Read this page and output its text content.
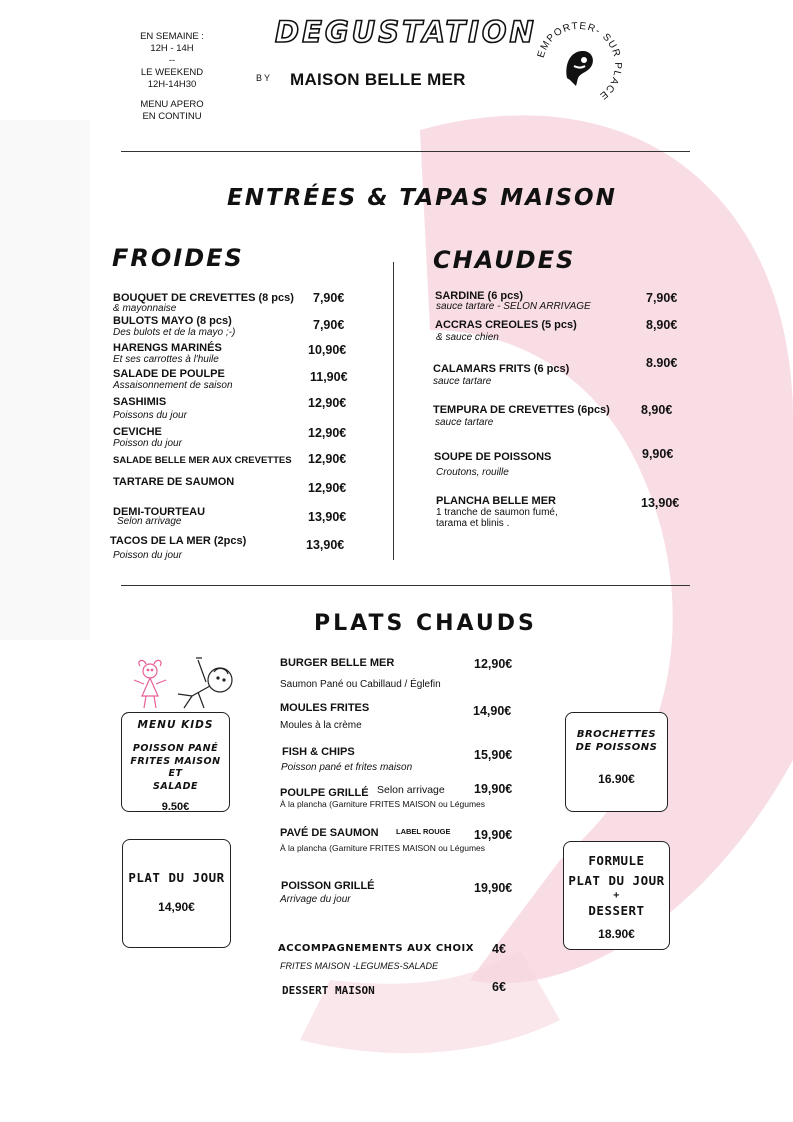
EN SEMAINE :
12H - 14H
--
LE WEEKEND
12H-14H30
MENU APERO
EN CONTINU
DEGUSTATION
BY MAISON BELLE MER
EMPORTER- SUR PLACE
ENTRÉES & TAPAS MAISON
FROIDES
BOUQUET DE CREVETTES (8 pcs)
& mayonnaise
7,90€
BULOTS MAYO (8 pcs)
Des bulots et de la mayo ;-)
7,90€
HARENGS MARINÉS
Et ses carrottes à l'huile
10,90€
SALADE DE POULPE
Assaisonnement de saison
11,90€
SASHIMIS
Poissons du jour
12,90€
CEVICHE
Poisson du jour
12,90€
SALADE BELLE MER AUX CREVETTES 12,90€
TARTARE DE SAUMON	12,90€
DEMI-TOURTEAU
Selon arrivage	13,90€
TACOS DE LA MER (2pcs)
Poisson du jour
13,90€
CHAUDES
SARDINE (6 pcs)
sauce tartare - SELON ARRIVAGE
7,90€
ACCRAS CREOLES (5 pcs)
& sauce chien
8,90€
CALAMARS FRITS (6 pcs)
sauce tartare
8.90€
TEMPURA DE CREVETTES (6pcs)
sauce tartare
8,90€
SOUPE DE POISSONS
Croutons, rouille
9,90€
PLANCHA BELLE MER
1 tranche de saumon fumé,
tarama et blinis .
13,90€
PLATS CHAUDS
BURGER BELLE MER
Saumon Pané ou Cabillaud / Églefin
12,90€
MOULES FRITES
Moules à la crème
14,90€
FISH & CHIPS
Poisson pané et frites maison
15,90€
POULPE GRILLÉ Selon arrivage
À la plancha (Garniture FRITES MAISON ou Légumes
19,90€
PAVÉ DE SAUMON LABEL ROUGE
À la plancha (Garniture FRITES MAISON ou Légumes
19,90€
POISSON GRILLÉ
Arrivage du jour
19,90€
ACCOMPAGNEMENTS AUX CHOIX
FRITES MAISON -LEGUMES-SALADE
4€
DESSERT MAISON	6€
MENU KIDS
POISSON PANÉ
FRITES MAISON ET
SALADE
9.50€
PLAT DU JOUR
14,90€
BROCHETTES
DE POISSONS
16.90€
FORMULE
PLAT DU JOUR
+
DESSERT
18.90€
